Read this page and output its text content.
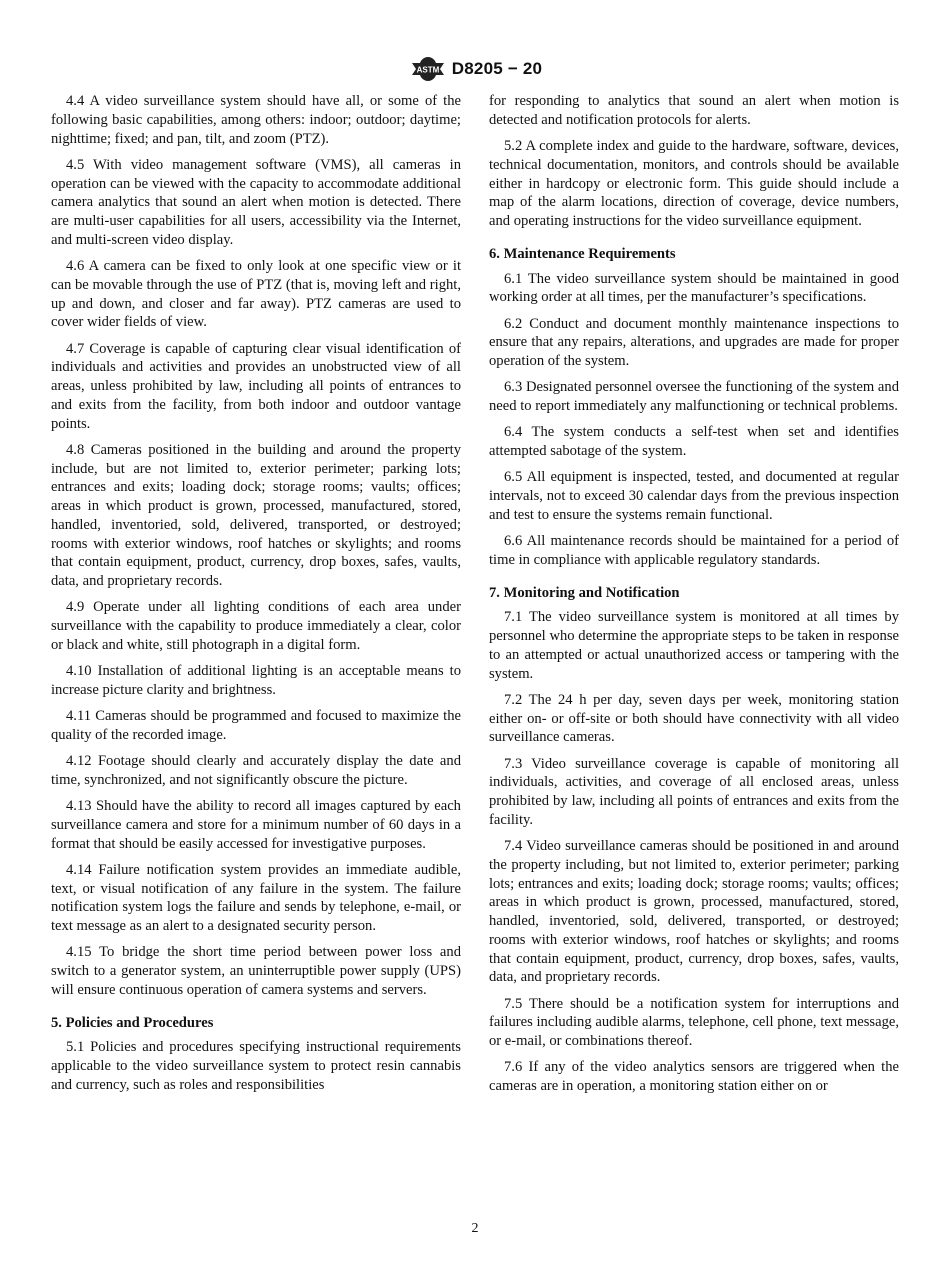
ASTM D8205 − 20

4.4 A video surveillance system should have all, or some of the following basic capabilities, among others: indoor; outdoor; daytime; nighttime; fixed; and pan, tilt, and zoom (PTZ).

4.5 With video management software (VMS), all cameras in operation can be viewed with the capacity to accommodate additional camera analytics that sound an alert when motion is detected. There are multi-user capabilities for all users, accessibility via the Internet, and multi-screen video display.

4.6 A camera can be fixed to only look at one specific view or it can be movable through the use of PTZ (that is, moving left and right, up and down, and closer and far away). PTZ cameras are used to cover wider fields of view.

4.7 Coverage is capable of capturing clear visual identification of individuals and activities and provides an unobstructed view of all areas, unless prohibited by law, including all points of entrances to and exits from the facility, from both indoor and outdoor vantage points.

4.8 Cameras positioned in the building and around the property include, but are not limited to, exterior perimeter; parking lots; entrances and exits; loading dock; storage rooms; vaults; offices; areas in which product is grown, processed, manufactured, stored, handled, inventoried, sold, delivered, transported, or destroyed; rooms with exterior windows, roof hatches or skylights; and rooms that contain equipment, product, currency, drop boxes, safes, vaults, data, and proprietary records.

4.9 Operate under all lighting conditions of each area under surveillance with the capability to produce immediately a clear, color or black and white, still photograph in a digital form.

4.10 Installation of additional lighting is an acceptable means to increase picture clarity and brightness.

4.11 Cameras should be programmed and focused to maximize the quality of the recorded image.

4.12 Footage should clearly and accurately display the date and time, synchronized, and not significantly obscure the picture.

4.13 Should have the ability to record all images captured by each surveillance camera and store for a minimum number of 60 days in a format that should be easily accessed for investigative purposes.

4.14 Failure notification system provides an immediate audible, text, or visual notification of any failure in the system. The failure notification system logs the failure and sends by telephone, e-mail, or text message as an alert to a designated security person.

4.15 To bridge the short time period between power loss and switch to a generator system, an uninterruptible power supply (UPS) will ensure continuous operation of camera systems and servers.

5. Policies and Procedures

5.1 Policies and procedures specifying instructional requirements applicable to the video surveillance system to protect resin cannabis and currency, such as roles and responsibilities

for responding to analytics that sound an alert when motion is detected and notification protocols for alerts.

5.2 A complete index and guide to the hardware, software, devices, technical documentation, monitors, and controls should be available either in hardcopy or electronic form. This guide should include a map of the alarm locations, direction of coverage, device numbers, and operating instructions for the video surveillance equipment.

6. Maintenance Requirements

6.1 The video surveillance system should be maintained in good working order at all times, per the manufacturer’s specifications.

6.2 Conduct and document monthly maintenance inspections to ensure that any repairs, alterations, and upgrades are made for proper operation of the system.

6.3 Designated personnel oversee the functioning of the system and need to report immediately any malfunctioning or technical problems.

6.4 The system conducts a self-test when set and identifies attempted sabotage of the system.

6.5 All equipment is inspected, tested, and documented at regular intervals, not to exceed 30 calendar days from the previous inspection and test to ensure the systems remain functional.

6.6 All maintenance records should be maintained for a period of time in compliance with applicable regulatory standards.

7. Monitoring and Notification

7.1 The video surveillance system is monitored at all times by personnel who determine the appropriate steps to be taken in response to an attempted or actual unauthorized access or tampering with the system.

7.2 The 24 h per day, seven days per week, monitoring station either on- or off-site or both should have connectivity with all video surveillance cameras.

7.3 Video surveillance coverage is capable of monitoring all individuals, activities, and coverage of all enclosed areas, unless prohibited by law, including all points of entrances and exits from the facility.

7.4 Video surveillance cameras should be positioned in and around the property including, but not limited to, exterior perimeter; parking lots; entrances and exits; loading dock; storage rooms; vaults; offices; areas in which product is grown, processed, manufactured, stored, handled, inventoried, sold, delivered, transported, or destroyed; rooms with exterior windows, roof hatches or skylights; and rooms that contain equipment, product, currency, drop boxes, safes, vaults, data, and proprietary records.

7.5 There should be a notification system for interruptions and failures including audible alarms, telephone, cell phone, text message, or e-mail, or combinations thereof.

7.6 If any of the video analytics sensors are triggered when the cameras are in operation, a monitoring station either on or

2
